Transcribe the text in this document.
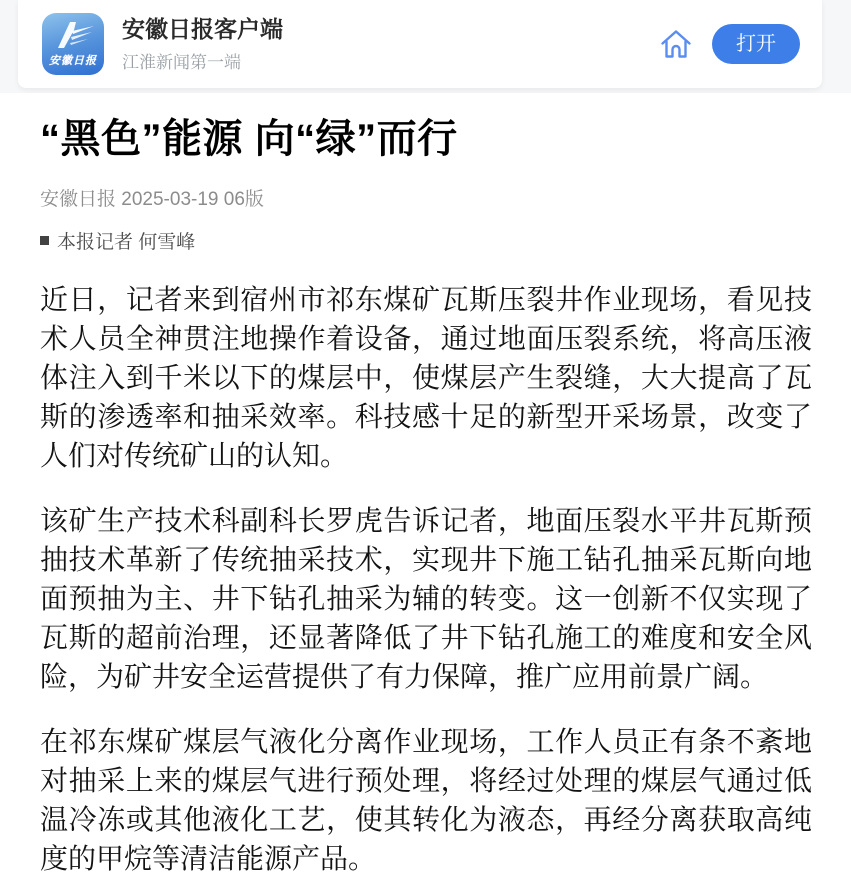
安徽日报
安徽日报客户端
江淮新闻第一端
打开
“黑色”能源 向“绿”而行
安徽日报 2025-03-19 06版
本报记者 何雪峰

近日，记者来到宿州市祁东煤矿瓦斯压裂井作业现场，看见技术人员全神贯注地操作着设备，通过地面压裂系统，将高压液体注入到千米以下的煤层中，使煤层产生裂缝，大大提高了瓦斯的渗透率和抽采效率。科技感十足的新型开采场景，改变了人们对传统矿山的认知。

该矿生产技术科副科长罗虎告诉记者，地面压裂水平井瓦斯预抽技术革新了传统抽采技术，实现井下施工钻孔抽采瓦斯向地面预抽为主、井下钻孔抽采为辅的转变。这一创新不仅实现了瓦斯的超前治理，还显著降低了井下钻孔施工的难度和安全风险，为矿井安全运营提供了有力保障，推广应用前景广阔。

在祁东煤矿煤层气液化分离作业现场，工作人员正有条不紊地对抽采上来的煤层气进行预处理，将经过处理的煤层气通过低温冷冻或其他液化工艺，使其转化为液态，再经分离获取高纯度的甲烷等清洁能源产品。
